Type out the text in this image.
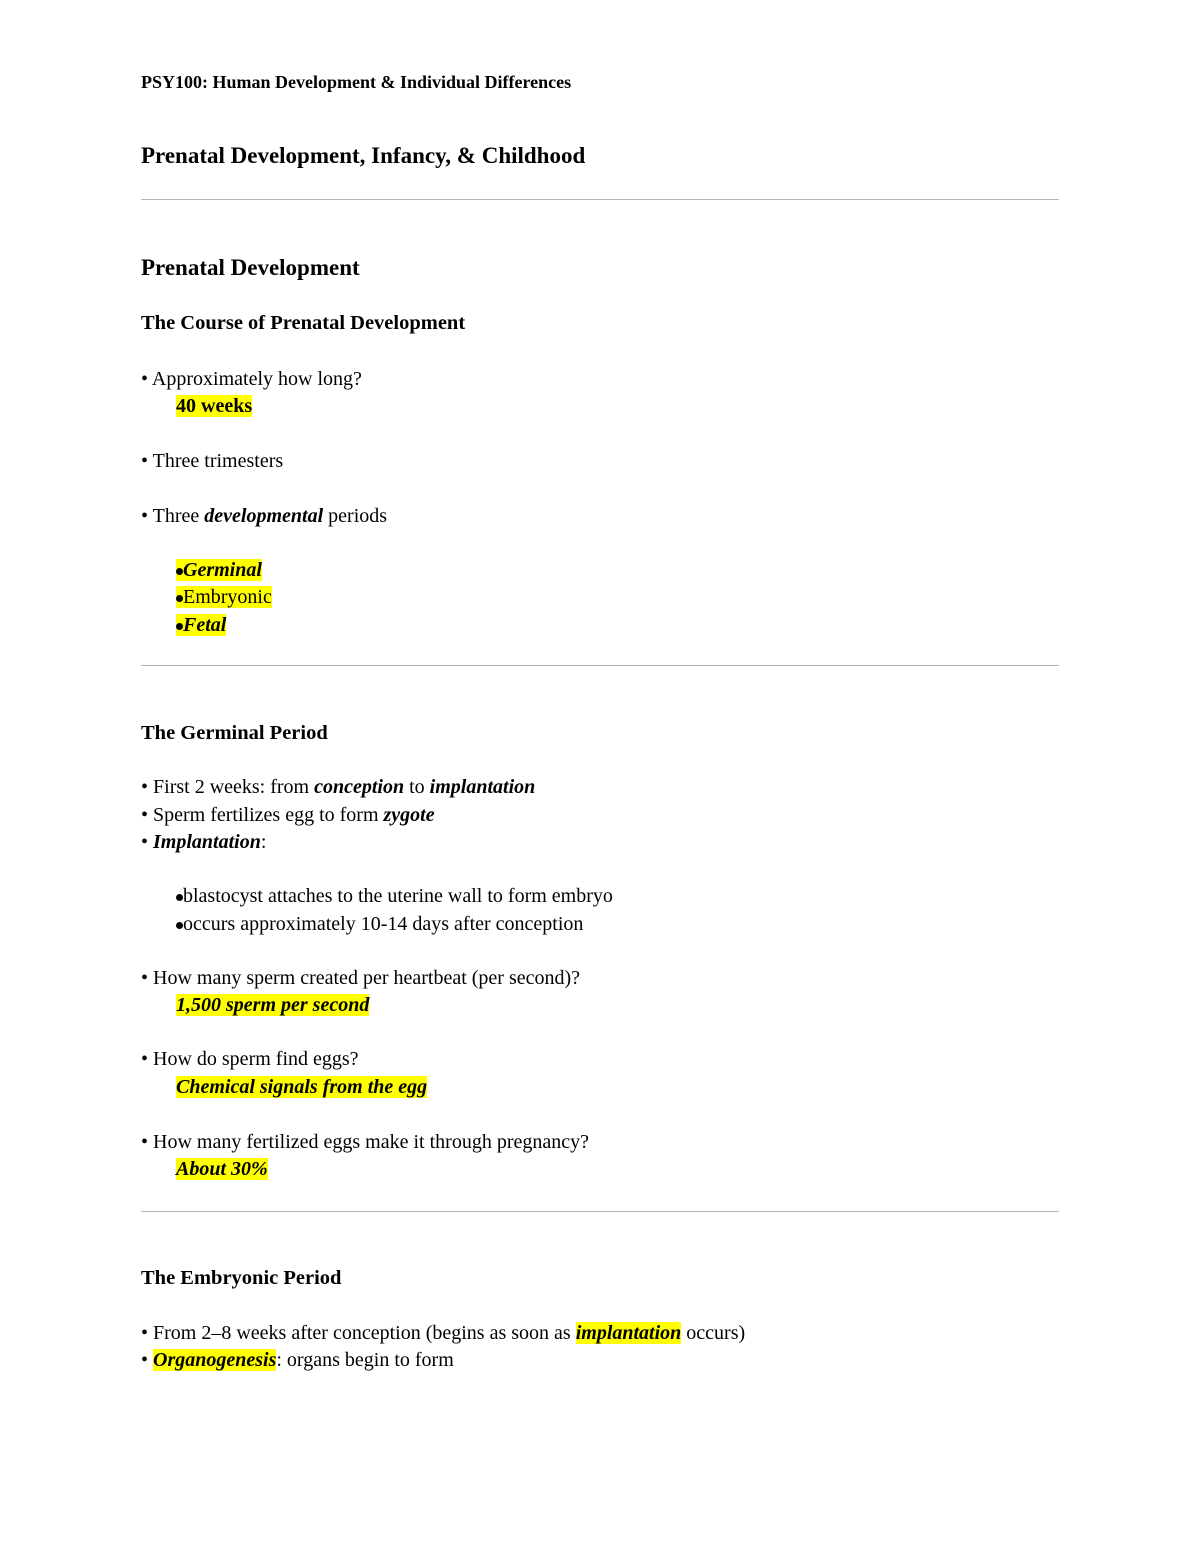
PSY100: Human Development & Individual Differences
Prenatal Development, Infancy, & Childhood
Prenatal Development
The Course of Prenatal Development
• Approximately how long?
40 weeks
• Three trimesters
• Three developmental periods
Germinal
Embryonic
Fetal
The Germinal Period
• First 2 weeks: from conception to implantation
• Sperm fertilizes egg to form zygote
• Implantation:
blastocyst attaches to the uterine wall to form embryo
occurs approximately 10-14 days after conception
• How many sperm created per heartbeat (per second)?
1,500 sperm per second
• How do sperm find eggs?
Chemical signals from the egg
• How many fertilized eggs make it through pregnancy?
About 30%
The Embryonic Period
• From 2–8 weeks after conception (begins as soon as implantation occurs)
• Organogenesis: organs begin to form
